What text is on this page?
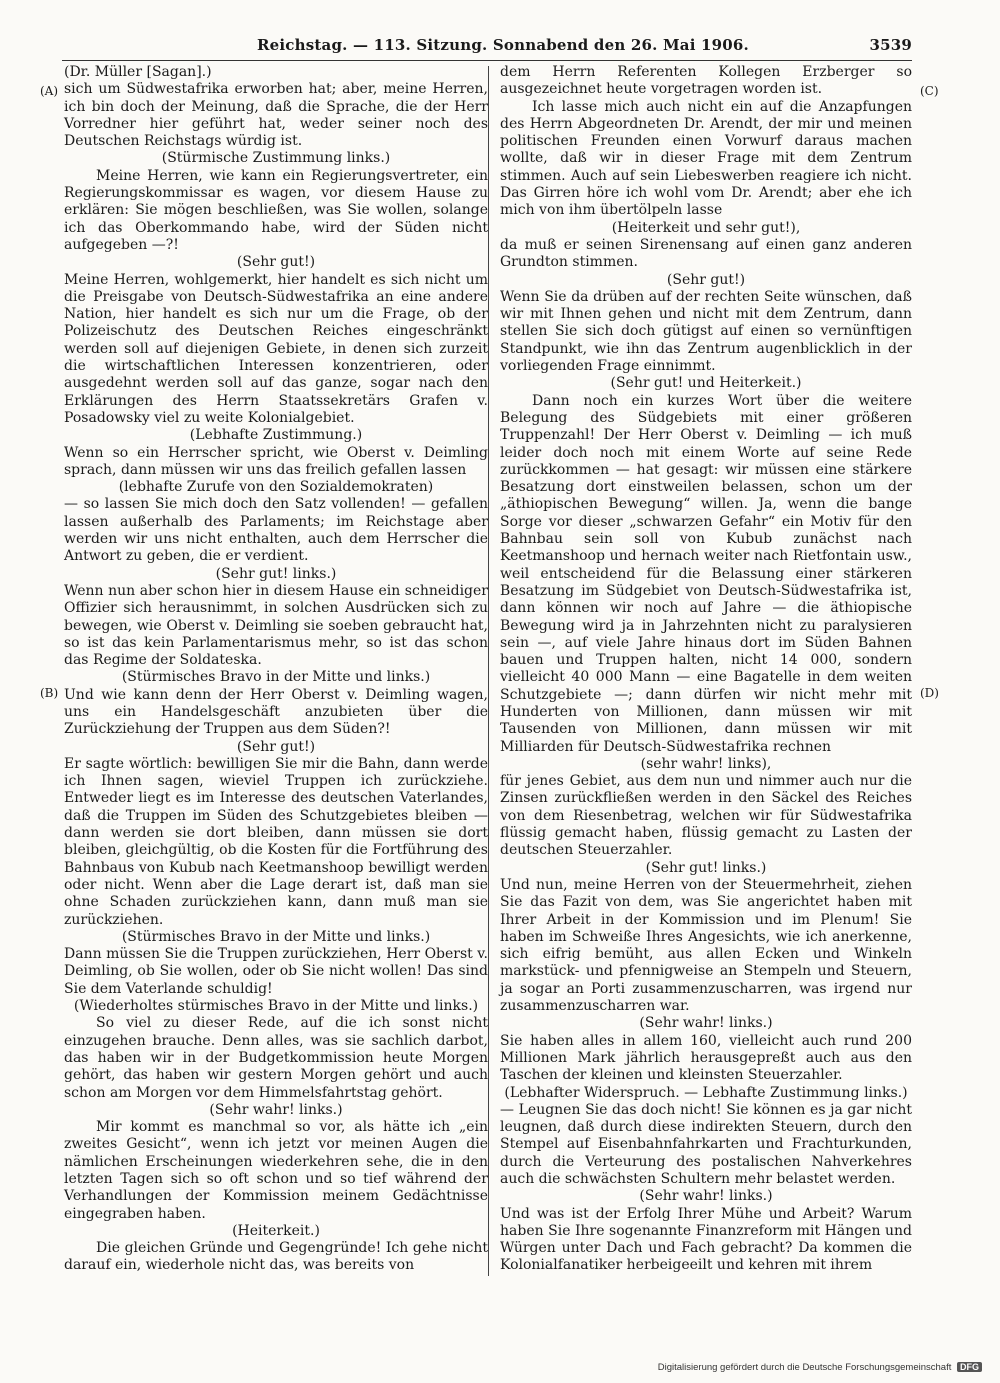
Reichstag. — 113. Sitzung. Sonnabend den 26. Mai 1906.	3539
(A)
(B)
(C)
(D)
(Dr. Müller [Sagan].)
sich um Südwestafrika erworben hat; aber, meine Herren, ich bin doch der Meinung, daß die Sprache, die der Herr Vorredner hier geführt hat, weder seiner noch des Deutschen Reichstags würdig ist.
(Stürmische Zustimmung links.)
Meine Herren, wie kann ein Regierungsvertreter, ein Regierungskommissar es wagen, vor diesem Hause zu erklären: Sie mögen beschließen, was Sie wollen, solange ich das Oberkommando habe, wird der Süden nicht aufgegeben —?!
(Sehr gut!)
Meine Herren, wohlgemerkt, hier handelt es sich nicht um die Preisgabe von Deutsch-Südwestafrika an eine andere Nation, hier handelt es sich nur um die Frage, ob der Polizeischutz des Deutschen Reiches eingeschränkt werden soll auf diejenigen Gebiete, in denen sich zurzeit die wirtschaftlichen Interessen konzentrieren, oder ausgedehnt werden soll auf das ganze, sogar nach den Erklärungen des Herrn Staatssekretärs Grafen v. Posadowsky viel zu weite Kolonialgebiet.
(Lebhafte Zustimmung.)
Wenn so ein Herrscher spricht, wie Oberst v. Deimling sprach, dann müssen wir uns das freilich gefallen lassen
(lebhafte Zurufe von den Sozialdemokraten)
— so lassen Sie mich doch den Satz vollenden! — gefallen lassen außerhalb des Parlaments; im Reichstage aber werden wir uns nicht enthalten, auch dem Herrscher die Antwort zu geben, die er verdient.
(Sehr gut! links.)
Wenn nun aber schon hier in diesem Hause ein schneidiger Offizier sich herausnimmt, in solchen Ausdrücken sich zu bewegen, wie Oberst v. Deimling sie soeben gebraucht hat, so ist das kein Parlamentarismus mehr, so ist das schon das Regime der Soldateska.
(Stürmisches Bravo in der Mitte und links.)
Und wie kann denn der Herr Oberst v. Deimling wagen, uns ein Handelsgeschäft anzubieten über die Zurückziehung der Truppen aus dem Süden?!
(Sehr gut!)
Er sagte wörtlich: bewilligen Sie mir die Bahn, dann werde ich Ihnen sagen, wieviel Truppen ich zurückziehe. Entweder liegt es im Interesse des deutschen Vaterlandes, daß die Truppen im Süden des Schutzgebietes bleiben — dann werden sie dort bleiben, dann müssen sie dort bleiben, gleichgültig, ob die Kosten für die Fortführung des Bahnbaus von Kubub nach Keetmanshoop bewilligt werden oder nicht. Wenn aber die Lage derart ist, daß man sie ohne Schaden zurückziehen kann, dann muß man sie zurückziehen.
(Stürmisches Bravo in der Mitte und links.)
Dann müssen Sie die Truppen zurückziehen, Herr Oberst v. Deimling, ob Sie wollen, oder ob Sie nicht wollen! Das sind Sie dem Vaterlande schuldig!
(Wiederholtes stürmisches Bravo in der Mitte und links.)
So viel zu dieser Rede, auf die ich sonst nicht einzugehen brauche. Denn alles, was sie sachlich darbot, das haben wir in der Budgetkommission heute Morgen gehört, das haben wir gestern Morgen gehört und auch schon am Morgen vor dem Himmelsfahrtstag gehört.
(Sehr wahr! links.)
Mir kommt es manchmal so vor, als hätte ich „ein zweites Gesicht“, wenn ich jetzt vor meinen Augen die nämlichen Erscheinungen wiederkehren sehe, die in den letzten Tagen sich so oft schon und so tief während der Verhandlungen der Kommission meinem Gedächtnisse eingegraben haben.
(Heiterkeit.)
Die gleichen Gründe und Gegengründe! Ich gehe nicht darauf ein, wiederhole nicht das, was bereits von
dem Herrn Referenten Kollegen Erzberger so ausgezeichnet heute vorgetragen worden ist.
Ich lasse mich auch nicht ein auf die Anzapfungen des Herrn Abgeordneten Dr. Arendt, der mir und meinen politischen Freunden einen Vorwurf daraus machen wollte, daß wir in dieser Frage mit dem Zentrum stimmen. Auch auf sein Liebeswerben reagiere ich nicht. Das Girren höre ich wohl vom Dr. Arendt; aber ehe ich mich von ihm übertölpeln lasse
(Heiterkeit und sehr gut!),
da muß er seinen Sirenensang auf einen ganz anderen Grundton stimmen.
(Sehr gut!)
Wenn Sie da drüben auf der rechten Seite wünschen, daß wir mit Ihnen gehen und nicht mit dem Zentrum, dann stellen Sie sich doch gütigst auf einen so vernünftigen Standpunkt, wie ihn das Zentrum augenblicklich in der vorliegenden Frage einnimmt.
(Sehr gut! und Heiterkeit.)
Dann noch ein kurzes Wort über die weitere Belegung des Südgebiets mit einer größeren Truppenzahl! Der Herr Oberst v. Deimling — ich muß leider doch noch mit einem Worte auf seine Rede zurückkommen — hat gesagt: wir müssen eine stärkere Besatzung dort einstweilen belassen, schon um der „äthiopischen Bewegung“ willen. Ja, wenn die bange Sorge vor dieser „schwarzen Gefahr“ ein Motiv für den Bahnbau sein soll von Kubub zunächst nach Keetmanshoop und hernach weiter nach Rietfontain usw., weil entscheidend für die Belassung einer stärkeren Besatzung im Südgebiet von Deutsch-Südwestafrika ist, dann können wir noch auf Jahre — die äthiopische Bewegung wird ja in Jahrzehnten nicht zu paralysieren sein —, auf viele Jahre hinaus dort im Süden Bahnen bauen und Truppen halten, nicht 14 000, sondern vielleicht 40 000 Mann — eine Bagatelle in dem weiten Schutzgebiete —; dann dürfen wir nicht mehr mit Hunderten von Millionen, dann müssen wir mit Tausenden von Millionen, dann müssen wir mit Milliarden für Deutsch-Südwestafrika rechnen
(sehr wahr! links),
für jenes Gebiet, aus dem nun und nimmer auch nur die Zinsen zurückfließen werden in den Säckel des Reiches von dem Riesenbetrag, welchen wir für Südwestafrika flüssig gemacht haben, flüssig gemacht zu Lasten der deutschen Steuerzahler.
(Sehr gut! links.)
Und nun, meine Herren von der Steuermehrheit, ziehen Sie das Fazit von dem, was Sie angerichtet haben mit Ihrer Arbeit in der Kommission und im Plenum! Sie haben im Schweiße Ihres Angesichts, wie ich anerkenne, sich eifrig bemüht, aus allen Ecken und Winkeln markstück- und pfennigweise an Stempeln und Steuern, ja sogar an Porti zusammenzuscharren, was irgend nur zusammenzuscharren war.
(Sehr wahr! links.)
Sie haben alles in allem 160, vielleicht auch rund 200 Millionen Mark jährlich herausgepreßt auch aus den Taschen der kleinen und kleinsten Steuerzahler.
(Lebhafter Widerspruch. — Lebhafte Zustimmung links.)
— Leugnen Sie das doch nicht! Sie können es ja gar nicht leugnen, daß durch diese indirekten Steuern, durch den Stempel auf Eisenbahnfahrkarten und Frachturkunden, durch die Verteurung des postalischen Nahverkehres auch die schwächsten Schultern mehr belastet werden.
(Sehr wahr! links.)
Und was ist der Erfolg Ihrer Mühe und Arbeit? Warum haben Sie Ihre sogenannte Finanzreform mit Hängen und Würgen unter Dach und Fach gebracht? Da kommen die Kolonialfanatiker herbeigeeilt und kehren mit ihrem
Digitalisierung gefördert durch die Deutsche Forschungsgemeinschaft DFG
